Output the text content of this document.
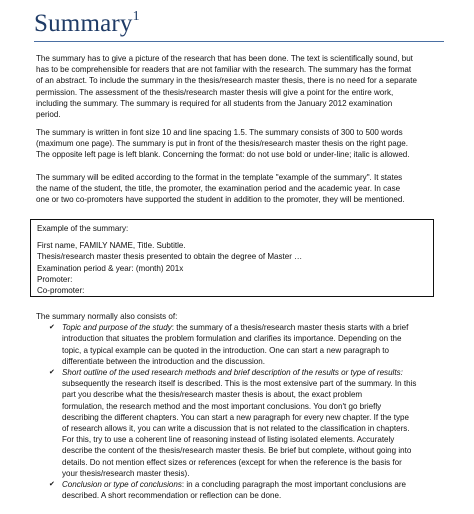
Summary$^1$

The summary has to give a picture of the research that has been done. The text is scientifically sound, but
has to be comprehensible for readers that are not familiar with the research. The summary has the format
of an abstract. To include the summary in the thesis/research master thesis, there is no need for a separate
permission. The assessment of the thesis/research master thesis will give a point for the entire work,
including the summary. The summary is required for all students from the January 2012 examination
period.

The summary is written in font size 10 and line spacing 1.5. The summary consists of 300 to 500 words
(maximum one page). The summary is put in front of the thesis/research master thesis on the right page.
The opposite left page is left blank. Concerning the format: do not use bold or under-line; italic is allowed.

The summary will be edited according to the format in the template "example of the summary". It states
the name of the student, the title, the promoter, the examination period and the academic year. In case
one or two co-promoters have supported the student in addition to the promoter, they will be mentioned.

Example of the summary:
First name, FAMILY NAME, Title. Subtitle.
Thesis/research master thesis presented to obtain the degree of Master …
Examination period & year: (month) 201x
Promoter:
Co-promoter:
The summary normally also consists of:
✔ Topic and purpose of the study: the summary of a thesis/research master thesis starts with a brief
introduction that situates the problem formulation and clarifies its importance. Depending on the
topic, a typical example can be quoted in the introduction. One can start a new paragraph to
differentiate between the introduction and the discussion.
✔ Short outline of the used research methods and brief description of the results or type of results:
subsequently the research itself is described. This is the most extensive part of the summary. In this
part you describe what the thesis/research master thesis is about, the exact problem
formulation, the research method and the most important conclusions. You don't go briefly
describing the different chapters. You can start a new paragraph for every new chapter. If the type
of research allows it, you can write a discussion that is not related to the classification in chapters.
For this, try to use a coherent line of reasoning instead of listing isolated elements. Accurately
describe the content of the thesis/research master thesis. Be brief but complete, without going into
details. Do not mention effect sizes or references (except for when the reference is the basis for
your thesis/research master thesis).
✔ Conclusion or type of conclusions: in a concluding paragraph the most important conclusions are
described. A short recommendation or reflection can be done.
